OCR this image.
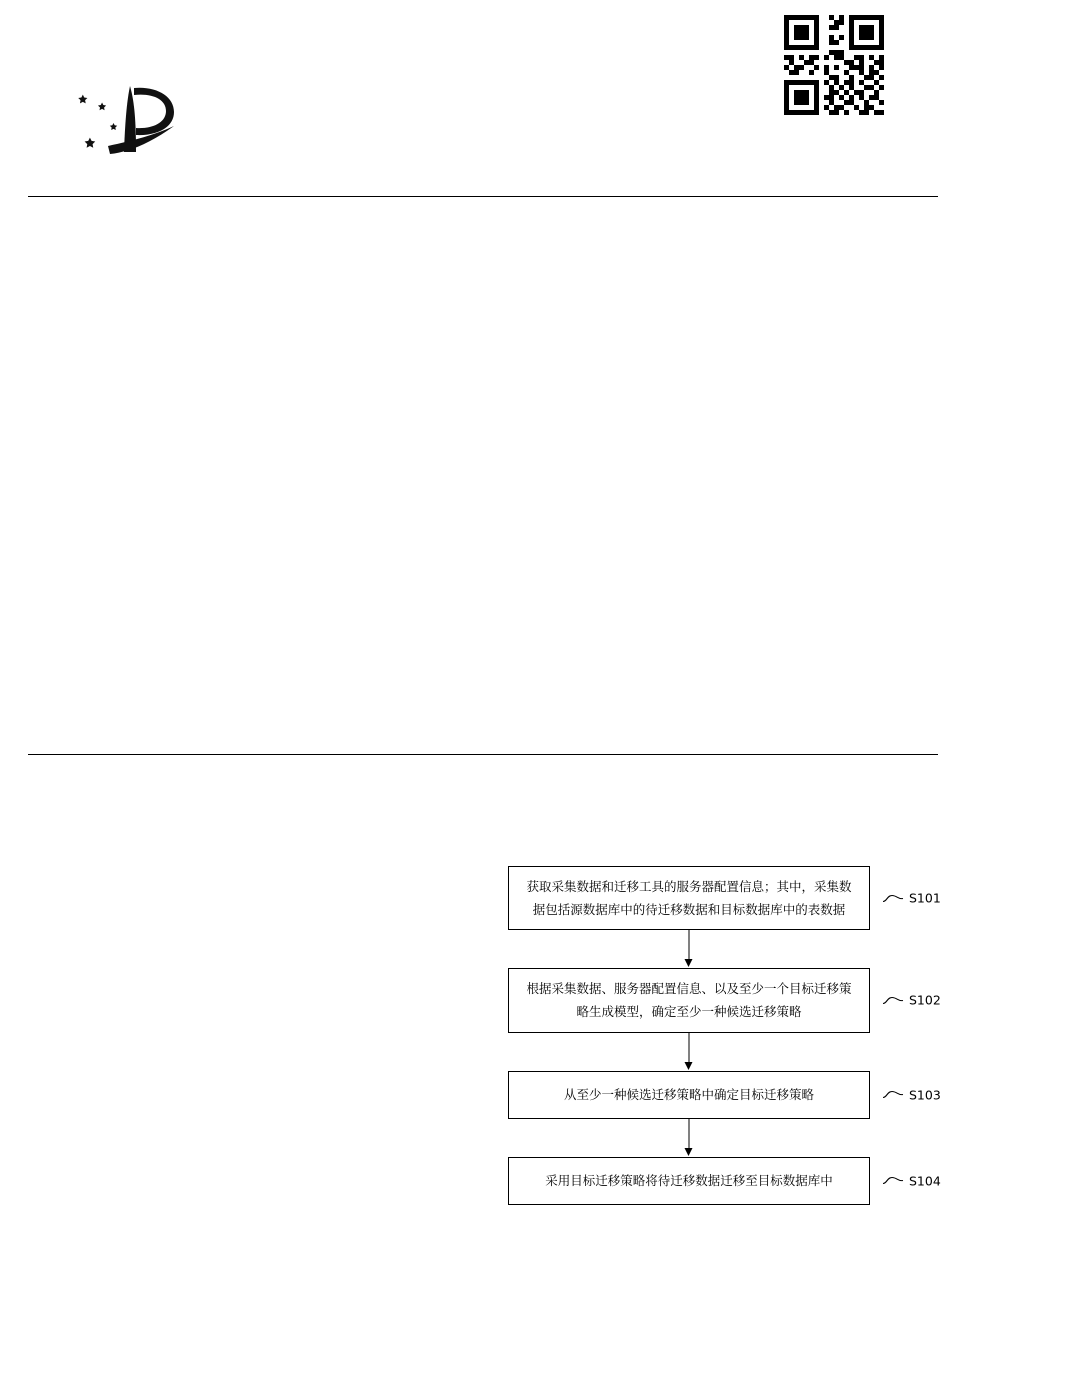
获取采集数据和迁移工具的服务器配置信息；其中，采集数据包括源数据库中的待迁移数据和目标数据库中的表数据
S101
根据采集数据、服务器配置信息、以及至少一个目标迁移策略生成模型，确定至少一种候选迁移策略
S102
从至少一种候选迁移策略中确定目标迁移策略	S103
采用目标迁移策略将待迁移数据迁移至目标数据库中	S104
